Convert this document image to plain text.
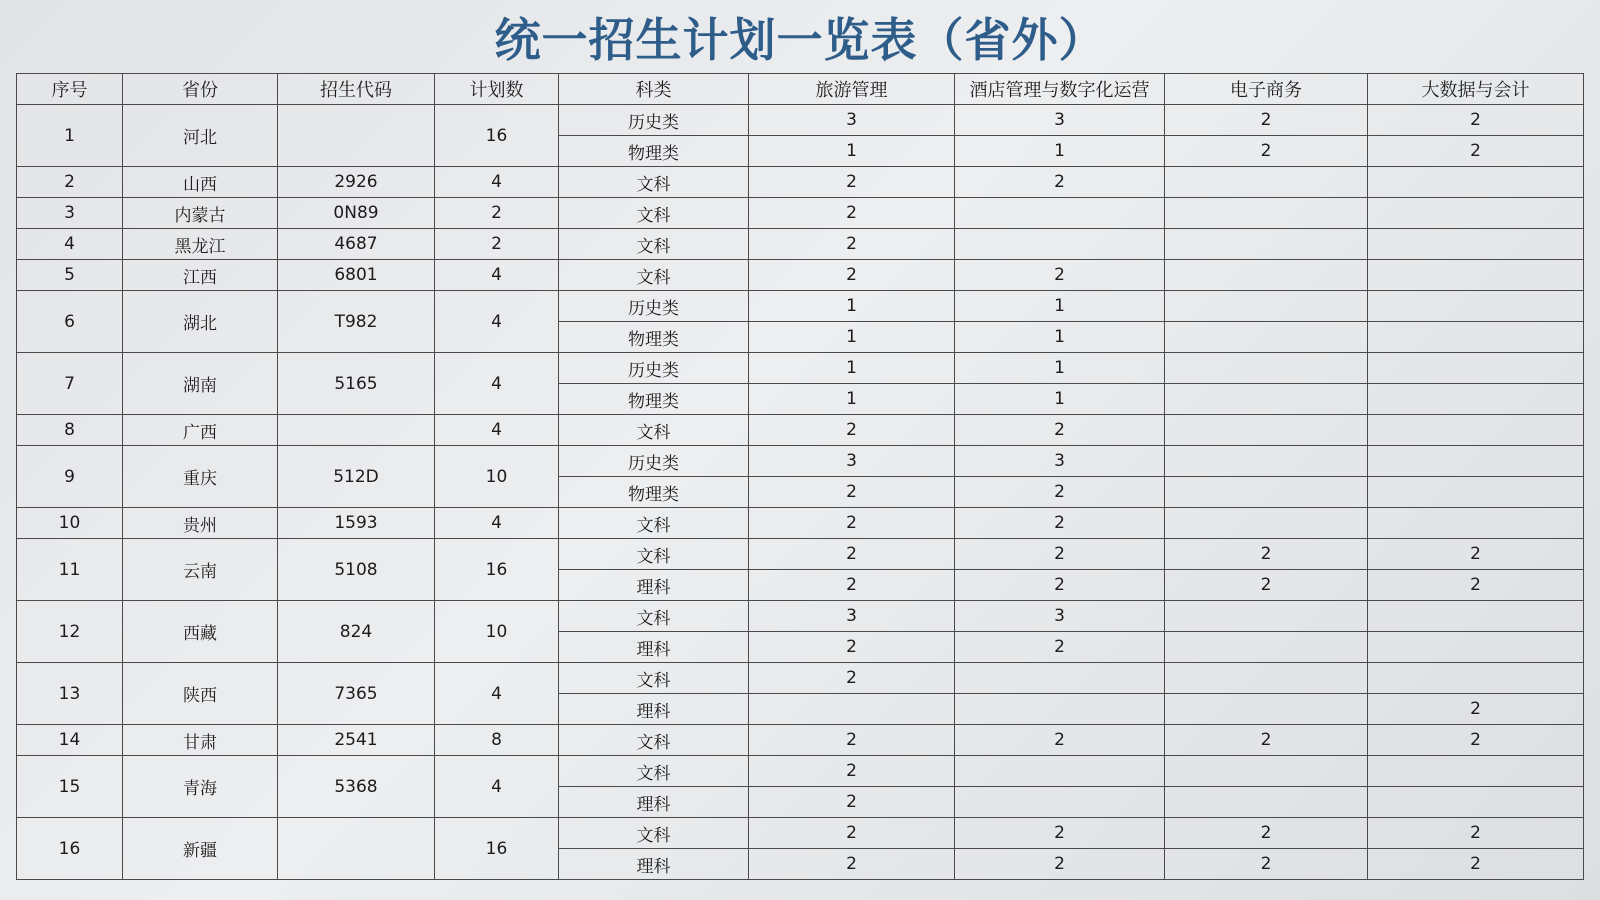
统一招生计划一览表（省外）
序号	省份	招生代码	计划数	科类	旅游管理	酒店管理与数字化运营	电子商务	大数据与会计
1	河北		16	历史类	3	3	2	2
				物理类	1	1	2	2
2	山西	2926	4	文科	2	2		
3	内蒙古	0N89	2	文科	2			
4	黑龙江	4687	2	文科	2			
5	江西	6801	4	文科	2	2		
6	湖北	T982	4	历史类	1	1		
				物理类	1	1		
7	湖南	5165	4	历史类	1	1		
				物理类	1	1		
8	广西		4	文科	2	2		
9	重庆	512D	10	历史类	3	3		
				物理类	2	2		
10	贵州	1593	4	文科	2	2		
11	云南	5108	16	文科	2	2	2	2
				理科	2	2	2	2
12	西藏	824	10	文科	3	3		
				理科	2	2		
13	陕西	7365	4	文科	2			
				理科				2
14	甘肃	2541	8	文科	2	2	2	2
15	青海	5368	4	文科	2			
				理科	2			
16	新疆		16	文科	2	2	2	2
				理科	2	2	2	2
